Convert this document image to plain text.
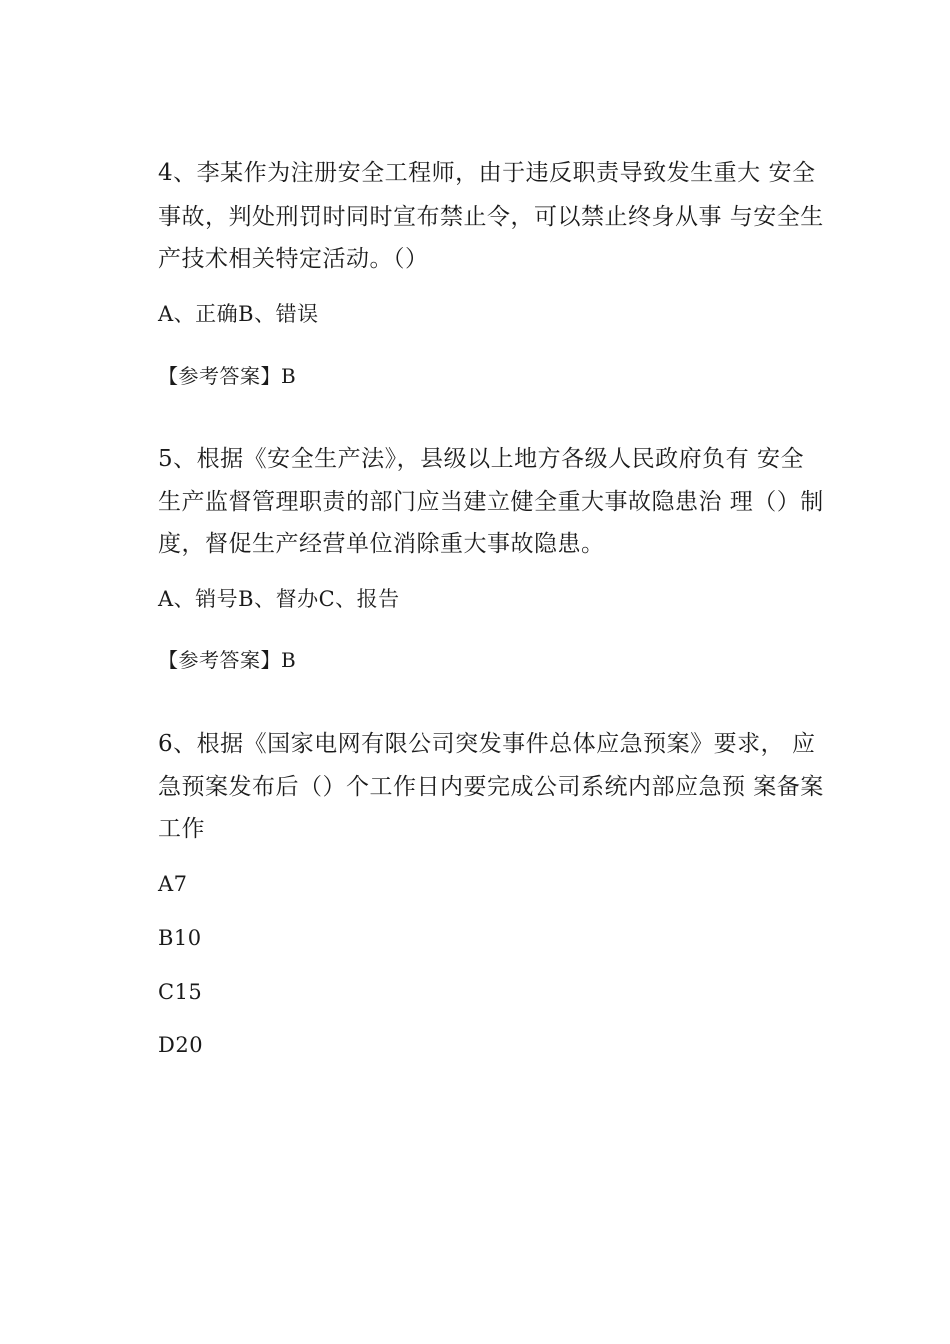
4、李某作为注册安全工程师，由于违反职责导致发生重大 安全
事故，判处刑罚时同时宣布禁止令，可以禁止终身从事 与安全生
产技术相关特定活动。（）
A、正确B、错误
【参考答案】B
5、根据《安全生产法》，县级以上地方各级人民政府负有 安全
生产监督管理职责的部门应当建立健全重大事故隐患治 理（）制
度，督促生产经营单位消除重大事故隐患。
A、销号B、督办C、报告
【参考答案】B
6、根据《国家电网有限公司突发事件总体应急预案》要求， 应
急预案发布后（）个工作日内要完成公司系统内部应急预 案备案
工作
A7
B10
C15
D20
